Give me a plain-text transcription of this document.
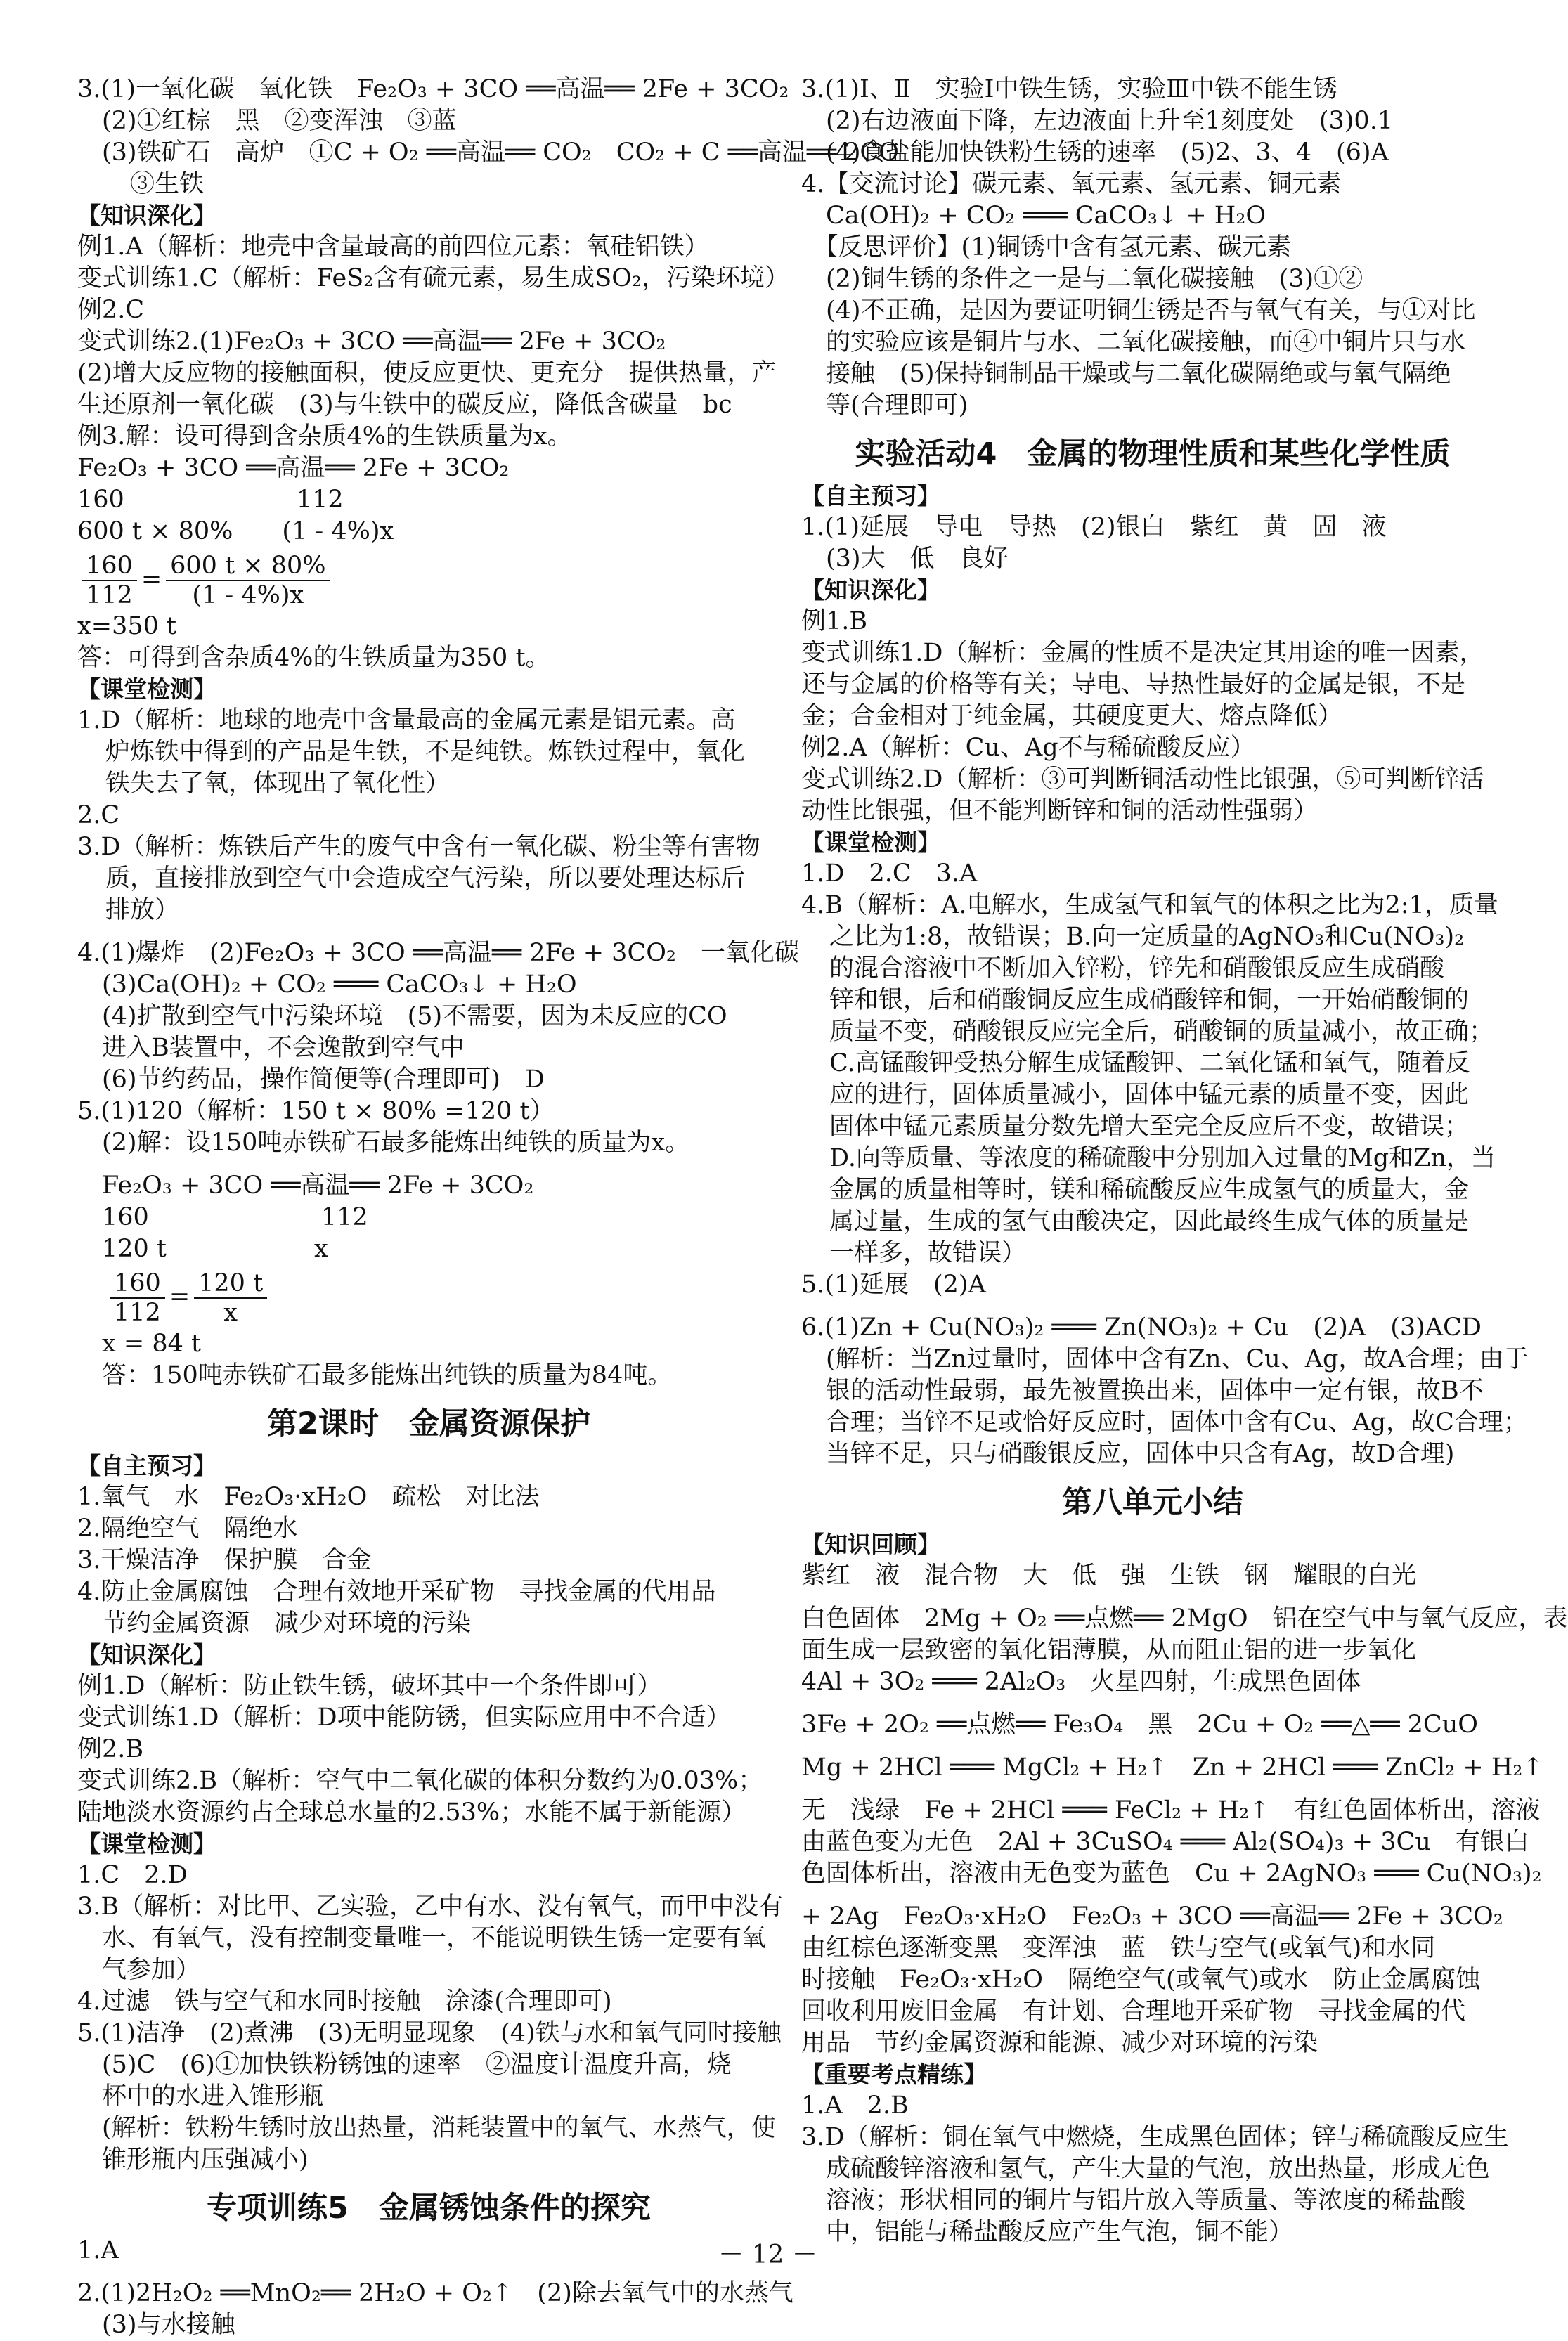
3.(1)一氧化碳　氧化铁　Fe₂O₃ + 3CO ══高温══ 2Fe + 3CO₂
　(2)①红棕　黑　②变浑浊　③蓝
　(3)铁矿石　高炉　①C + O₂ ══高温══ CO₂　CO₂ + C ══高温══ 2CO
　③生铁
【知识深化】
例1.A（解析：地壳中含量最高的前四位元素：氧硅铝铁）
变式训练1.C（解析：FeS₂含有硫元素，易生成SO₂，污染环境）
例2.C
变式训练2.(1)Fe₂O₃ + 3CO ══高温══ 2Fe + 3CO₂
(2)增大反应物的接触面积，使反应更快、更充分　提供热量，产
生还原剂一氧化碳　(3)与生铁中的碳反应，降低含碳量　bc
例3.解：设可得到含杂质4%的生铁质量为x。
Fe₂O₃ + 3CO ══高温══ 2Fe + 3CO₂
160　　　　　　　112
600 t × 80%　　(1 - 4%)x
$\frac{160}{112} = \frac{600 t \times 80\%}{(1 - 4\%)x}$
x=350 t
答：可得到含杂质4%的生铁质量为350 t。
【课堂检测】
1.D（解析：地球的地壳中含量最高的金属元素是铝元素。高
炉炼铁中得到的产品是生铁，不是纯铁。炼铁过程中，氧化
铁失去了氧，体现出了氧化性）
2.C
3.D（解析：炼铁后产生的废气中含有一氧化碳、粉尘等有害物
质，直接排放到空气中会造成空气污染，所以要处理达标后
排放）
4.(1)爆炸　(2)Fe₂O₃ + 3CO ══高温══ 2Fe + 3CO₂　一氧化碳
　(3)Ca(OH)₂ + CO₂ ═══ CaCO₃↓ + H₂O
　(4)扩散到空气中污染环境　(5)不需要，因为未反应的CO
　进入B装置中，不会逸散到空气中
　(6)节约药品，操作简便等(合理即可)　D
5.(1)120（解析：150 t × 80% =120 t）
　(2)解：设150吨赤铁矿石最多能炼出纯铁的质量为x。
　Fe₂O₃ + 3CO ══高温══ 2Fe + 3CO₂
　160　　　　　　　112
　120 t　　　　　　x
$\frac{160}{112} = \frac{120 t}{x}$
　x = 84 t
　答：150吨赤铁矿石最多能炼出纯铁的质量为84吨。
第2课时　金属资源保护
【自主预习】
1.氧气　水　Fe₂O₃·xH₂O　疏松　对比法
2.隔绝空气　隔绝水
3.干燥洁净　保护膜　合金
4.防止金属腐蚀　合理有效地开采矿物　寻找金属的代用品
　节约金属资源　减少对环境的污染
【知识深化】
例1.D（解析：防止铁生锈，破坏其中一个条件即可）
变式训练1.D（解析：D项中能防锈，但实际应用中不合适）
例2.B
变式训练2.B（解析：空气中二氧化碳的体积分数约为0.03%；
陆地淡水资源约占全球总水量的2.53%；水能不属于新能源）
【课堂检测】
1.C　2.D
3.B（解析：对比甲、乙实验，乙中有水、没有氧气，而甲中没有
　水、有氧气，没有控制变量唯一，不能说明铁生锈一定要有氧
　气参加）
4.过滤　铁与空气和水同时接触　涂漆(合理即可)
5.(1)洁净　(2)煮沸　(3)无明显现象　(4)铁与水和氧气同时接触
　(5)C　(6)①加快铁粉锈蚀的速率　②温度计温度升高，烧
　杯中的水进入锥形瓶
　(解析：铁粉生锈时放出热量，消耗装置中的氧气、水蒸气，使
　锥形瓶内压强减小)
专项训练5　金属锈蚀条件的探究
1.A
2.(1)2H₂O₂ ══MnO₂══ 2H₂O + O₂↑　(2)除去氧气中的水蒸气
　(3)与水接触
3.(1)Ⅰ、Ⅱ　实验Ⅰ中铁生锈，实验Ⅲ中铁不能生锈
　(2)右边液面下降，左边液面上升至1刻度处　(3)0.1
　(4)食盐能加快铁粉生锈的速率　(5)2、3、4　(6)A
4.【交流讨论】碳元素、氧元素、氢元素、铜元素
　Ca(OH)₂ + CO₂ ═══ CaCO₃↓ + H₂O
　【反思评价】(1)铜锈中含有氢元素、碳元素
　(2)铜生锈的条件之一是与二氧化碳接触　(3)①②
　(4)不正确，是因为要证明铜生锈是否与氧气有关，与①对比
　的实验应该是铜片与水、二氧化碳接触，而④中铜片只与水
　接触　(5)保持铜制品干燥或与二氧化碳隔绝或与氧气隔绝
　等(合理即可)
实验活动4　金属的物理性质和某些化学性质
【自主预习】
1.(1)延展　导电　导热　(2)银白　紫红　黄　固　液
　(3)大　低　良好
【知识深化】
例1.B
变式训练1.D（解析：金属的性质不是决定其用途的唯一因素，
还与金属的价格等有关；导电、导热性最好的金属是银，不是
金；合金相对于纯金属，其硬度更大、熔点降低）
例2.A（解析：Cu、Ag不与稀硫酸反应）
变式训练2.D（解析：③可判断铜活动性比银强，⑤可判断锌活
动性比银强，但不能判断锌和铜的活动性强弱）
【课堂检测】
1.D　2.C　3.A
4.B（解析：A.电解水，生成氢气和氧气的体积之比为2:1，质量
之比为1:8，故错误；B.向一定质量的AgNO₃和Cu(NO₃)₂
的混合溶液中不断加入锌粉，锌先和硝酸银反应生成硝酸
锌和银，后和硝酸铜反应生成硝酸锌和铜，一开始硝酸铜的
质量不变，硝酸银反应完全后，硝酸铜的质量减小，故正确；
C.高锰酸钾受热分解生成锰酸钾、二氧化锰和氧气，随着反
应的进行，固体质量减小，固体中锰元素的质量不变，因此
固体中锰元素质量分数先增大至完全反应后不变，故错误；
D.向等质量、等浓度的稀硫酸中分别加入过量的Mg和Zn，当
金属的质量相等时，镁和稀硫酸反应生成氢气的质量大，金
属过量，生成的氢气由酸决定，因此最终生成气体的质量是
一样多，故错误）
5.(1)延展　(2)A
6.(1)Zn + Cu(NO₃)₂ ═══ Zn(NO₃)₂ + Cu　(2)A　(3)ACD
　(解析：当Zn过量时，固体中含有Zn、Cu、Ag，故A合理；由于
　银的活动性最弱，最先被置换出来，固体中一定有银，故B不
　合理；当锌不足或恰好反应时，固体中含有Cu、Ag，故C合理；
　当锌不足，只与硝酸银反应，固体中只含有Ag，故D合理)
第八单元小结
【知识回顾】
紫红　液　混合物　大　低　强　生铁　钢　耀眼的白光
白色固体　2Mg + O₂ ══点燃══ 2MgO　铝在空气中与氧气反应，表
面生成一层致密的氧化铝薄膜，从而阻止铝的进一步氧化
4Al + 3O₂ ═══ 2Al₂O₃　火星四射，生成黑色固体
3Fe + 2O₂ ══点燃══ Fe₃O₄　黑　2Cu + O₂ ══△══ 2CuO
Mg + 2HCl ═══ MgCl₂ + H₂↑　Zn + 2HCl ═══ ZnCl₂ + H₂↑
无　浅绿　Fe + 2HCl ═══ FeCl₂ + H₂↑　有红色固体析出，溶液
由蓝色变为无色　2Al + 3CuSO₄ ═══ Al₂(SO₄)₃ + 3Cu　有银白
色固体析出，溶液由无色变为蓝色　Cu + 2AgNO₃ ═══ Cu(NO₃)₂
+ 2Ag　Fe₂O₃·xH₂O　Fe₂O₃ + 3CO ══高温══ 2Fe + 3CO₂
由红棕色逐渐变黑　变浑浊　蓝　铁与空气(或氧气)和水同
时接触　Fe₂O₃·xH₂O　隔绝空气(或氧气)或水　防止金属腐蚀
回收利用废旧金属　有计划、合理地开采矿物　寻找金属的代
用品　节约金属资源和能源、减少对环境的污染
【重要考点精练】
1.A　2.B
3.D（解析：铜在氧气中燃烧，生成黑色固体；锌与稀硫酸反应生
　成硫酸锌溶液和氢气，产生大量的气泡，放出热量，形成无色
　溶液；形状相同的铜片与铝片放入等质量、等浓度的稀盐酸
　中，铝能与稀盐酸反应产生气泡，铜不能）
－ 12 －
